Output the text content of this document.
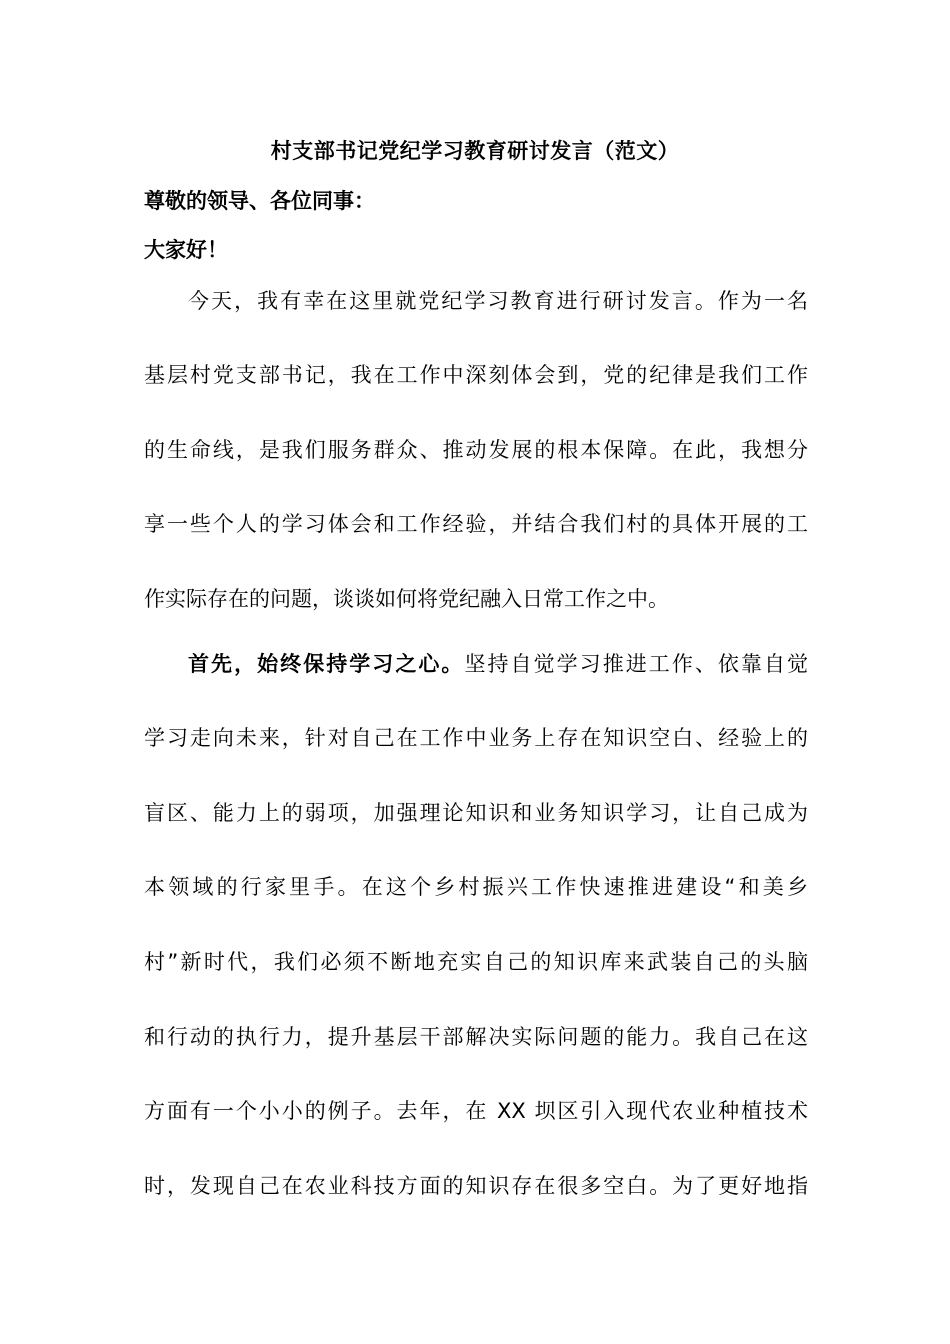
村支部书记党纪学习教育研讨发言（范文）
尊敬的领导、各位同事：
大家好！
今天，我有幸在这里就党纪学习教育进行研讨发言。作为一名
基层村党支部书记，我在工作中深刻体会到，党的纪律是我们工作
的生命线，是我们服务群众、推动发展的根本保障。在此，我想分
享一些个人的学习体会和工作经验，并结合我们村的具体开展的工
作实际存在的问题，谈谈如何将党纪融入日常工作之中。
首先，始终保持学习之心。坚持自觉学习推进工作、依靠自觉
学习走向未来，针对自己在工作中业务上存在知识空白、经验上的
盲区、能力上的弱项，加强理论知识和业务知识学习，让自己成为
本领域的行家里手。在这个乡村振兴工作快速推进建设“和美乡
村”新时代，我们必须不断地充实自己的知识库来武装自己的头脑
和行动的执行力，提升基层干部解决实际问题的能力。我自己在这
方面有一个小小的例子。去年，在 XX 坝区引入现代农业种植技术
时，发现自己在农业科技方面的知识存在很多空白。为了更好地指
